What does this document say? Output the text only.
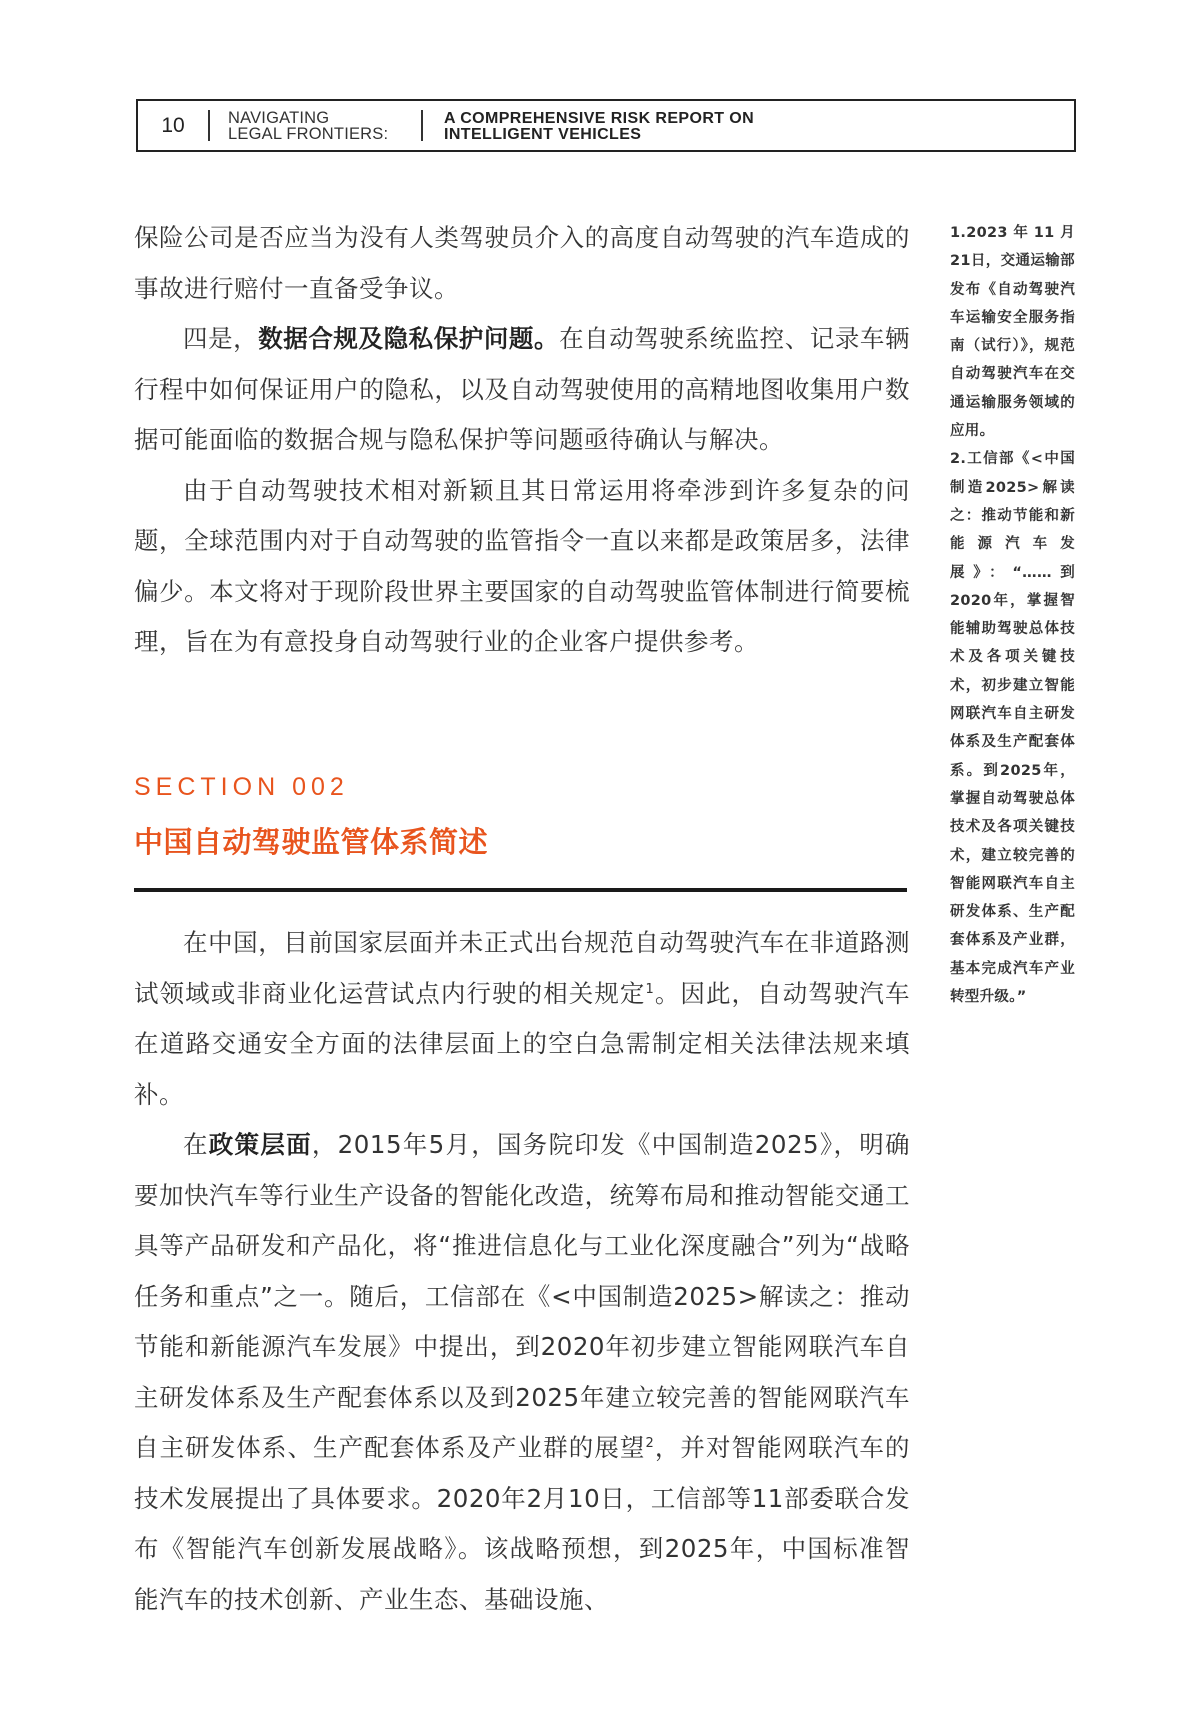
10	NAVIGATING
LEGAL FRONTIERS:
A COMPREHENSIVE RISK REPORT ON
INTELLIGENT VEHICLES

保险公司是否应当为没有人类驾驶员介入的高度自动驾驶的汽车造成的事故进行赔付一直备受争议。

四是，数据合规及隐私保护问题。在自动驾驶系统监控、记录车辆行程中如何保证用户的隐私，以及自动驾驶使用的高精地图收集用户数据可能面临的数据合规与隐私保护等问题亟待确认与解决。

由于自动驾驶技术相对新颖且其日常运用将牵涉到许多复杂的问题，全球范围内对于自动驾驶的监管指令一直以来都是政策居多，法律偏少。本文将对于现阶段世界主要国家的自动驾驶监管体制进行简要梳理，旨在为有意投身自动驾驶行业的企业客户提供参考。

SECTION 002
中国自动驾驶监管体系简述

在中国，目前国家层面并未正式出台规范自动驾驶汽车在非道路测试领域或非商业化运营试点内行驶的相关规定$^1$。因此，自动驾驶汽车在道路交通安全方面的法律层面上的空白急需制定相关法律法规来填补。

在政策层面，2015年5月，国务院印发《中国制造2025》，明确要加快汽车等行业生产设备的智能化改造，统筹布局和推动智能交通工具等产品研发和产品化，将“推进信息化与工业化深度融合”列为“战略任务和重点”之一。随后，工信部在《<中国制造2025>解读之：推动节能和新能源汽车发展》中提出，到2020年初步建立智能网联汽车自主研发体系及生产配套体系以及到2025年建立较完善的智能网联汽车自主研发体系、生产配套体系及产业群的展望$^2$，并对智能网联汽车的技术发展提出了具体要求。2020年2月10日，工信部等11部委联合发布《智能汽车创新发展战略》。该战略预想，到2025年，中国标准智能汽车的技术创新、产业生态、基础设施、

1.2023年11月21日，交通运输部发布《自动驾驶汽车运输安全服务指南（试行）》，规范自动驾驶汽车在交通运输服务领域的应用。

2.工信部《<中国制造2025>解读之：推动节能和新能源汽车发展》：“……到2020年，掌握智能辅助驾驶总体技术及各项关键技术，初步建立智能网联汽车自主研发体系及生产配套体系。到2025年，掌握自动驾驶总体技术及各项关键技术，建立较完善的智能网联汽车自主研发体系、生产配套体系及产业群，基本完成汽车产业转型升级。”
